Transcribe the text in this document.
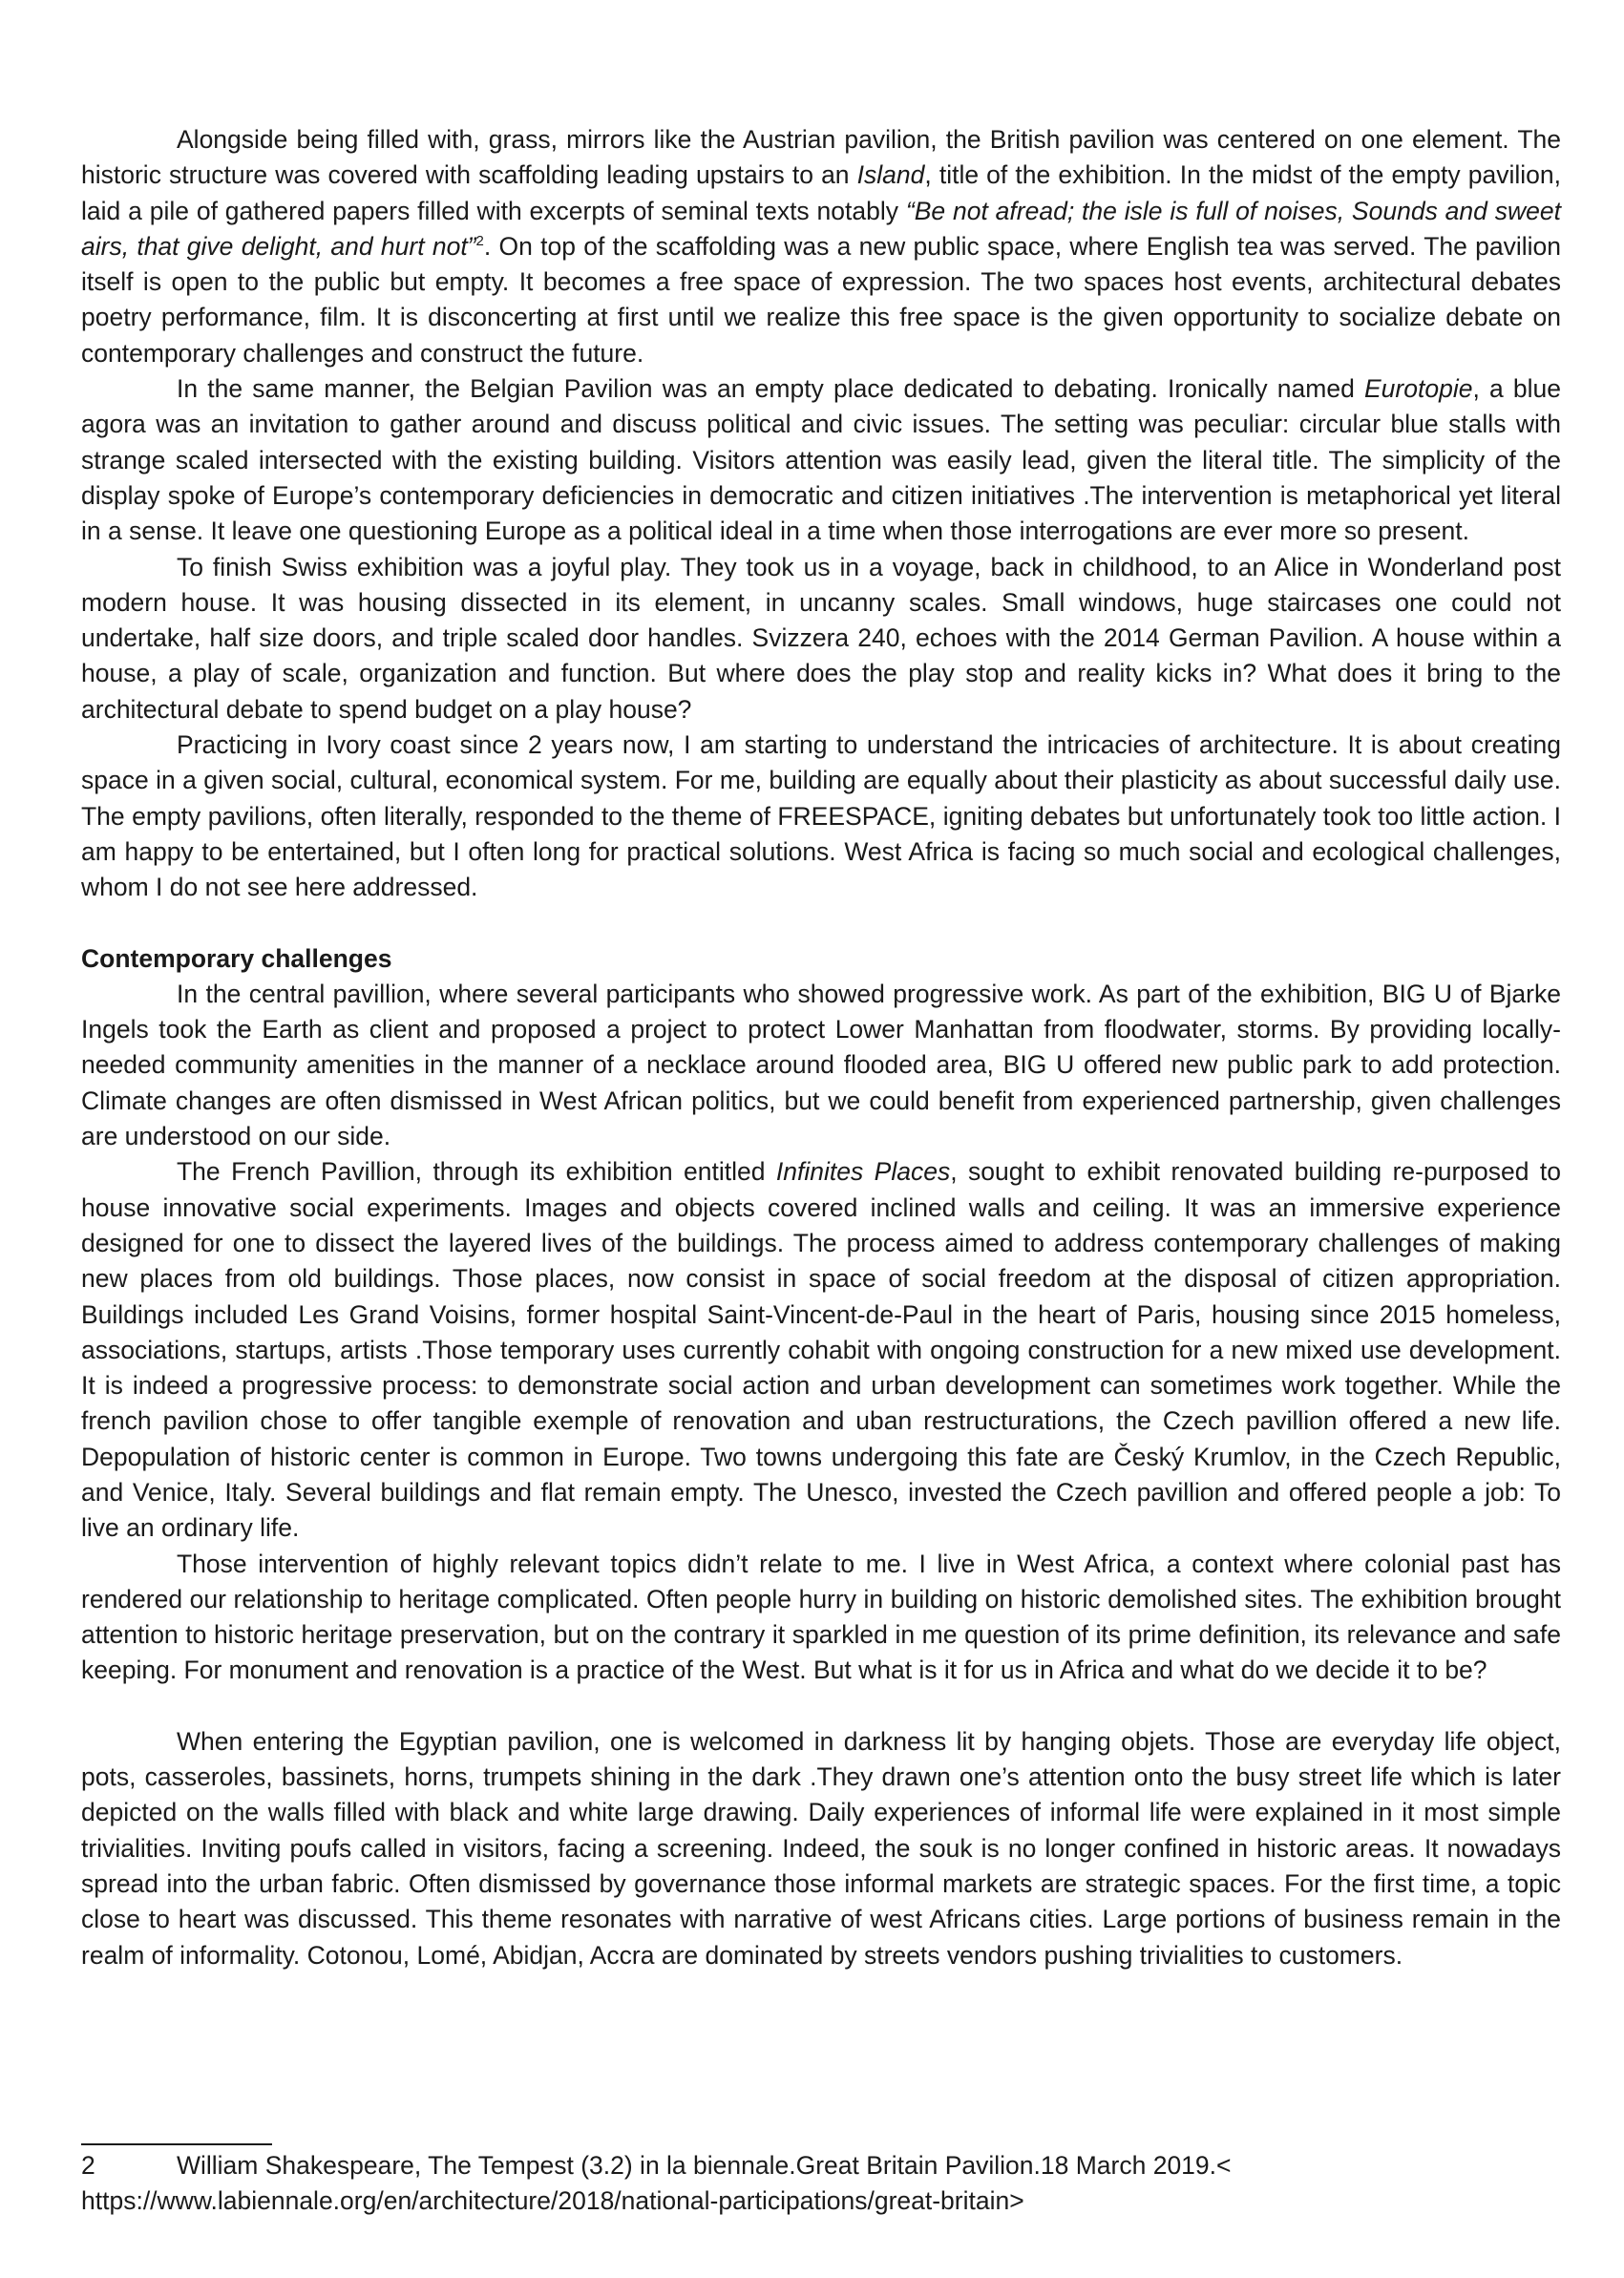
Alongside being filled with, grass, mirrors like the Austrian pavilion, the British pavilion was centered on one element. The historic structure was covered with scaffolding leading upstairs to an Island, title of the exhibition. In the midst of the empty pavilion, laid a pile of gathered papers filled with excerpts of seminal texts notably “Be not afread; the isle is full of noises, Sounds and sweet airs, that give delight, and hurt not”$^2$. On top of the scaffolding was a new public space, where English tea was served. The pavilion itself is open to the public but empty. It becomes a free space of expression. The two spaces host events, architectural debates poetry performance, film. It is disconcerting at first until we realize this free space is the given opportunity to socialize debate on contemporary challenges and construct the future.

In the same manner, the Belgian Pavilion was an empty place dedicated to debating. Ironically named Eurotopie, a blue agora was an invitation to gather around and discuss political and civic issues. The setting was peculiar: circular blue stalls with strange scaled intersected with the existing building. Visitors attention was easily lead, given the literal title. The simplicity of the display spoke of Europe’s contemporary deficiencies in democratic and citizen initiatives .The intervention is metaphorical yet literal in a sense. It leave one questioning Europe as a political ideal in a time when those interrogations are ever more so present.

To finish Swiss exhibition was a joyful play. They took us in a voyage, back in childhood, to an Alice in Wonderland post modern house. It was housing dissected in its element, in uncanny scales. Small windows, huge staircases one could not undertake, half size doors, and triple scaled door handles. Svizzera 240, echoes with the 2014 German Pavilion. A house within a house, a play of scale, organization and function. But where does the play stop and reality kicks in? What does it bring to the architectural debate to spend budget on a play house?

Practicing in Ivory coast since 2 years now, I am starting to understand the intricacies of architecture. It is about creating space in a given social, cultural, economical system. For me, building are equally about their plasticity as about successful daily use. The empty pavilions, often literally, responded to the theme of FREESPACE, igniting debates but unfortunately took too little action. I am happy to be entertained, but I often long for practical solutions. West Africa is facing so much social and ecological challenges, whom I do not see here addressed.

Contemporary challenges

In the central pavillion, where several participants who showed progressive work. As part of the exhibition, BIG U of Bjarke Ingels took the Earth as client and proposed a project to protect Lower Manhattan from floodwater, storms. By providing locally-needed community amenities in the manner of a necklace around flooded area, BIG U offered new public park to add protection. Climate changes are often dismissed in West African politics, but we could benefit from experienced partnership, given challenges are understood on our side.

The French Pavillion, through its exhibition entitled Infinites Places, sought to exhibit renovated building re-purposed to house innovative social experiments. Images and objects covered inclined walls and ceiling. It was an immersive experience designed for one to dissect the layered lives of the buildings. The process aimed to address contemporary challenges of making new places from old buildings. Those places, now consist in space of social freedom at the disposal of citizen appropriation. Buildings included Les Grand Voisins, former hospital Saint-Vincent-de-Paul in the heart of Paris, housing since 2015 homeless, associations, startups, artists .Those temporary uses currently cohabit with ongoing construction for a new mixed use development. It is indeed a progressive process: to demonstrate social action and urban development can sometimes work together. While the french pavilion chose to offer tangible exemple of renovation and uban restructurations, the Czech pavillion offered a new life. Depopulation of historic center is common in Europe. Two towns undergoing this fate are Český Krumlov, in the Czech Republic, and Venice, Italy. Several buildings and flat remain empty. The Unesco, invested the Czech pavillion and offered people a job: To live an ordinary life.

Those intervention of highly relevant topics didn’t relate to me. I live in West Africa, a context where colonial past has rendered our relationship to heritage complicated. Often people hurry in building on historic demolished sites. The exhibition brought attention to historic heritage preservation, but on the contrary it sparkled in me question of its prime definition, its relevance and safe keeping. For monument and renovation is a practice of the West. But what is it for us in Africa and what do we decide it to be?

When entering the Egyptian pavilion, one is welcomed in darkness lit by hanging objets. Those are everyday life object, pots, casseroles, bassinets, horns, trumpets shining in the dark .They drawn one’s attention onto the busy street life which is later depicted on the walls filled with black and white large drawing. Daily experiences of informal life were explained in it most simple trivialities. Inviting poufs called in visitors, facing a screening. Indeed, the souk is no longer confined in historic areas. It nowadays spread into the urban fabric. Often dismissed by governance those informal markets are strategic spaces. For the first time, a topic close to heart was discussed. This theme resonates with narrative of west Africans cities. Large portions of business remain in the realm of informality. Cotonou, Lomé, Abidjan, Accra are dominated by streets vendors pushing trivialities to customers.

2	William Shakespeare, The Tempest (3.2) in la biennale.Great Britain Pavilion.18 March 2019.< https://www.labiennale.org/en/architecture/2018/national-participations/great-britain>
